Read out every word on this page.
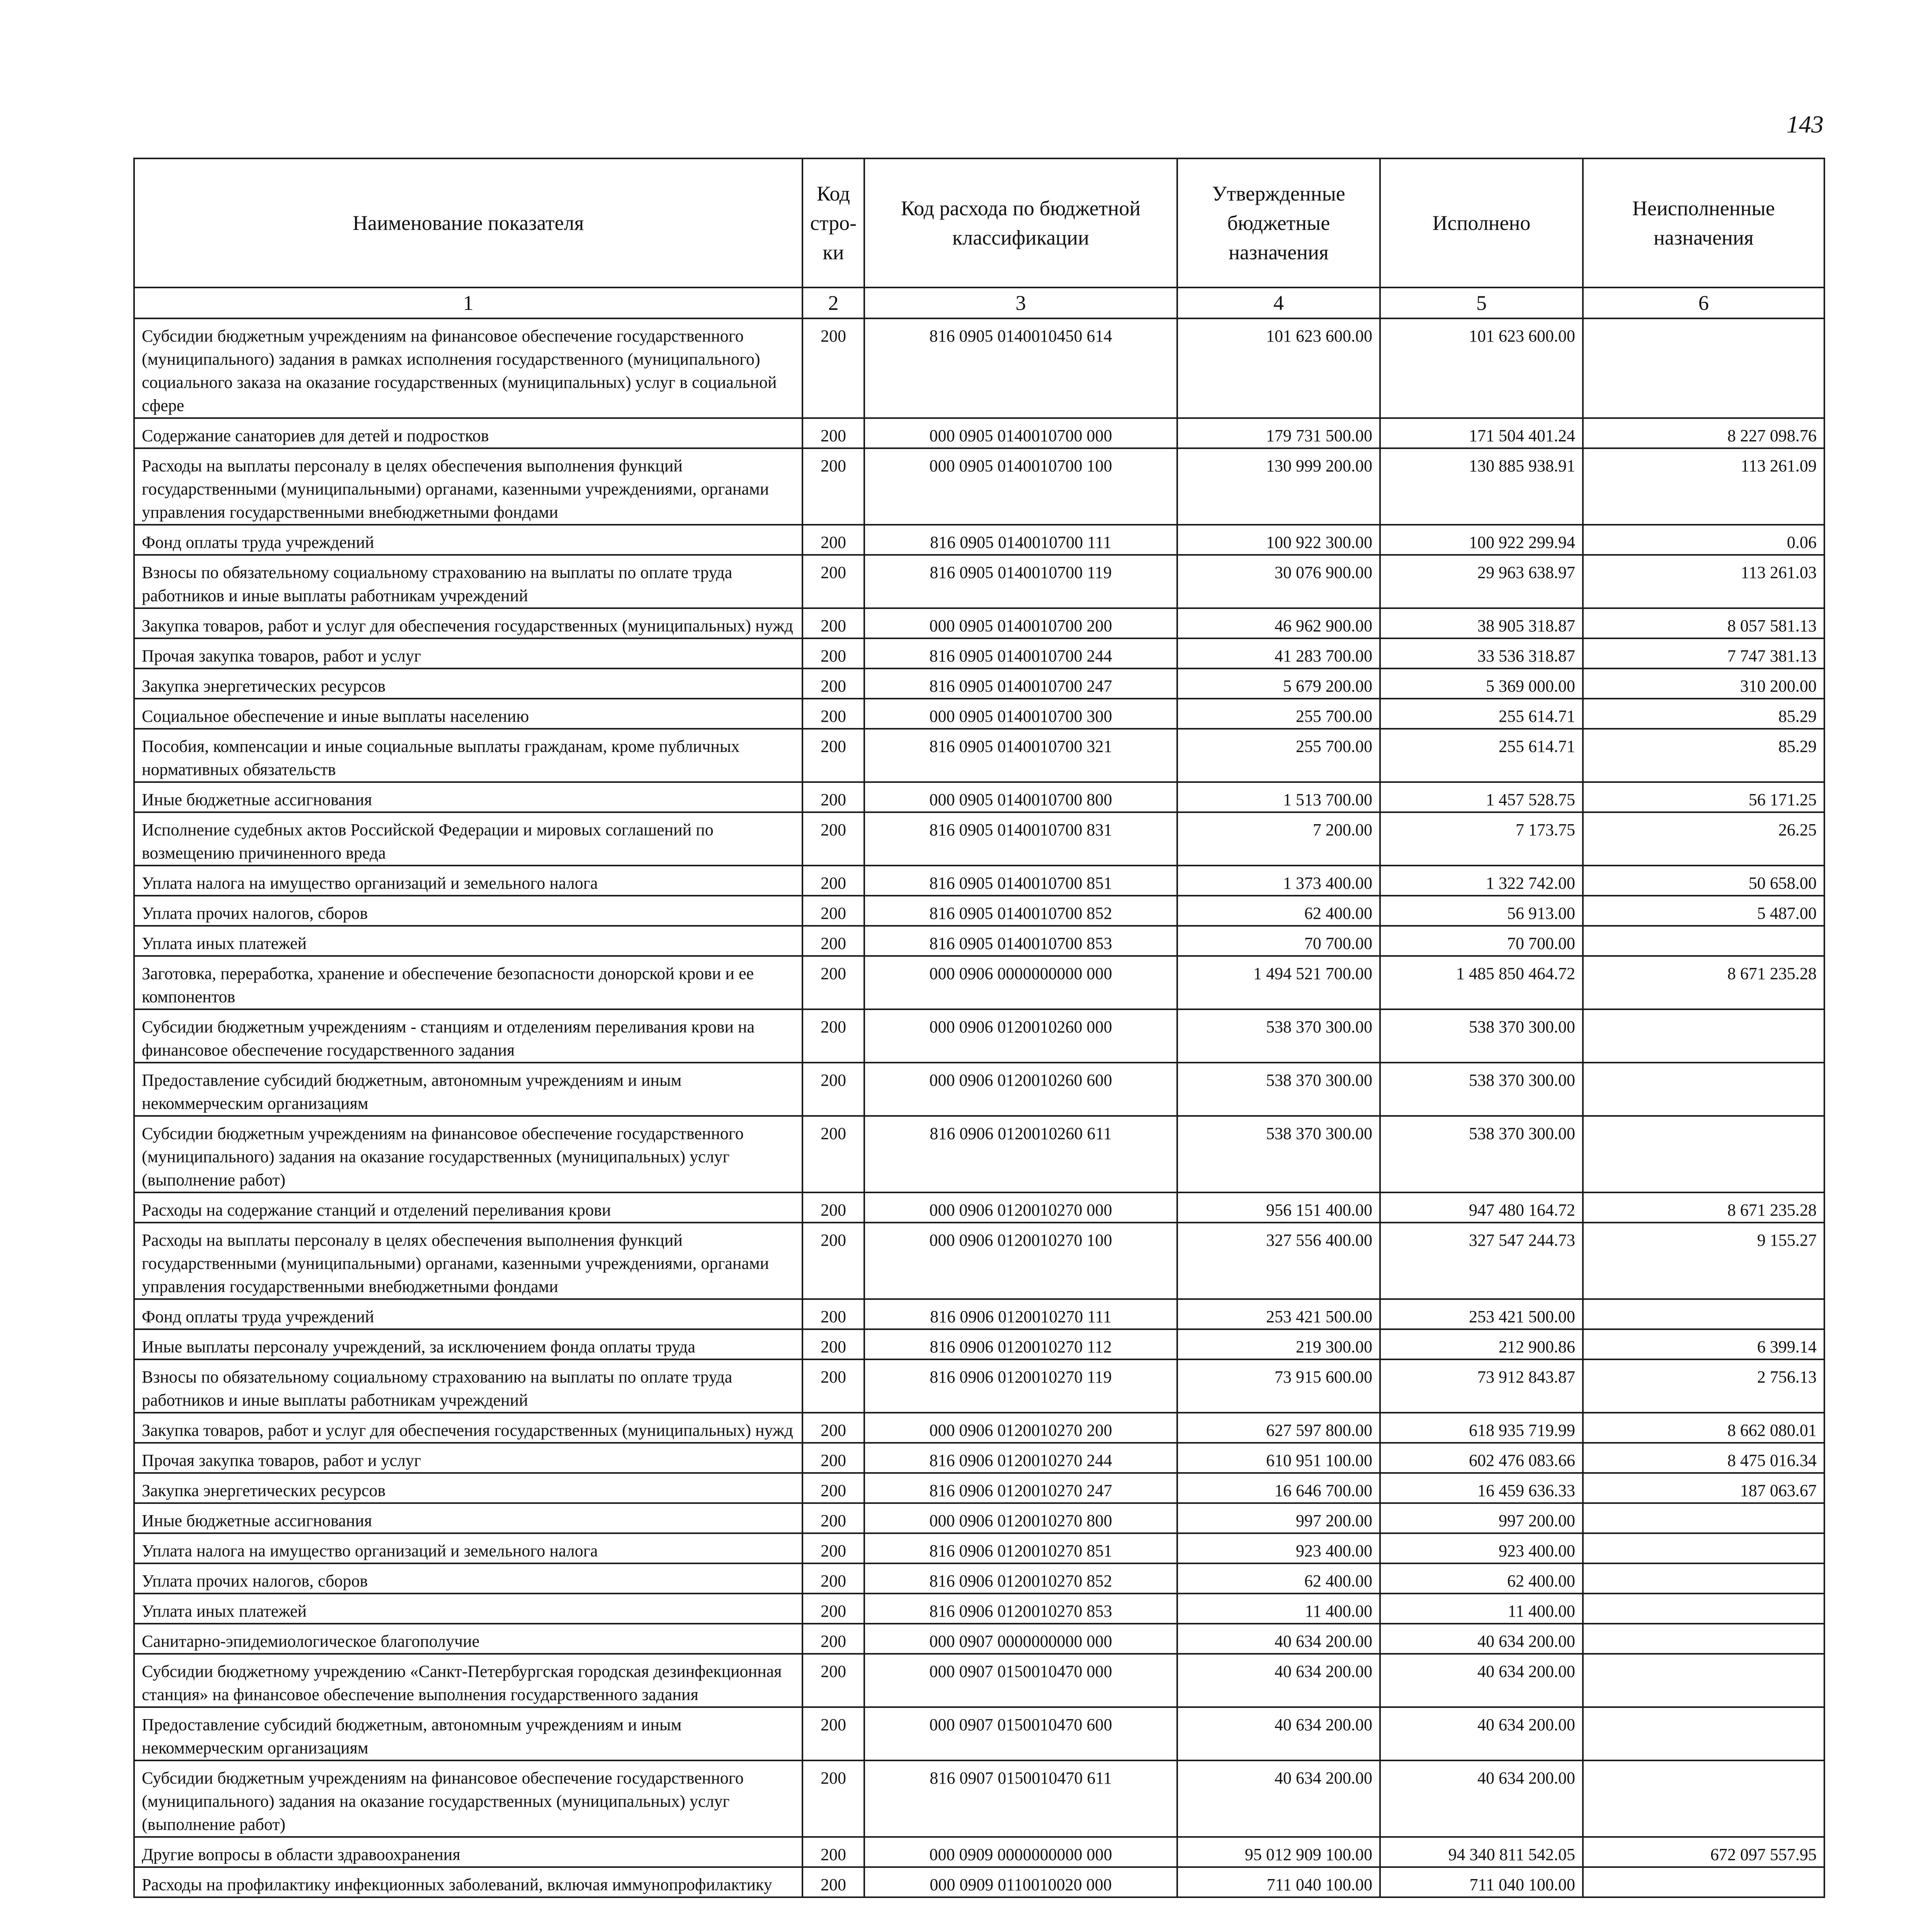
143
Наименование показателя	Код стро-ки	Код расхода по бюджетной классификации	Утвержденные бюджетные назначения	Исполнено	Неисполненные назначения
1	2	3	4	5	6
Субсидии бюджетным учреждениям на финансовое обеспечение государственного (муниципального) задания в рамках исполнения государственного (муниципального) социального заказа на оказание государственных (муниципальных) услуг в социальной сфере	200	816 0905 0140010450 614	101 623 600.00	101 623 600.00	
Содержание санаториев для детей и подростков	200	000 0905 0140010700 000	179 731 500.00	171 504 401.24	8 227 098.76
Расходы на выплаты персоналу в целях обеспечения выполнения функций государственными (муниципальными) органами, казенными учреждениями, органами управления государственными внебюджетными фондами	200	000 0905 0140010700 100	130 999 200.00	130 885 938.91	113 261.09
Фонд оплаты труда учреждений	200	816 0905 0140010700 111	100 922 300.00	100 922 299.94	0.06
Взносы по обязательному социальному страхованию на выплаты по оплате труда работников и иные выплаты работникам учреждений	200	816 0905 0140010700 119	30 076 900.00	29 963 638.97	113 261.03
Закупка товаров, работ и услуг для обеспечения государственных (муниципальных) нужд	200	000 0905 0140010700 200	46 962 900.00	38 905 318.87	8 057 581.13
Прочая закупка товаров, работ и услуг	200	816 0905 0140010700 244	41 283 700.00	33 536 318.87	7 747 381.13
Закупка энергетических ресурсов	200	816 0905 0140010700 247	5 679 200.00	5 369 000.00	310 200.00
Социальное обеспечение и иные выплаты населению	200	000 0905 0140010700 300	255 700.00	255 614.71	85.29
Пособия, компенсации и иные социальные выплаты гражданам, кроме публичных нормативных обязательств	200	816 0905 0140010700 321	255 700.00	255 614.71	85.29
Иные бюджетные ассигнования	200	000 0905 0140010700 800	1 513 700.00	1 457 528.75	56 171.25
Исполнение судебных актов Российской Федерации и мировых соглашений по возмещению причиненного вреда	200	816 0905 0140010700 831	7 200.00	7 173.75	26.25
Уплата налога на имущество организаций и земельного налога	200	816 0905 0140010700 851	1 373 400.00	1 322 742.00	50 658.00
Уплата прочих налогов, сборов	200	816 0905 0140010700 852	62 400.00	56 913.00	5 487.00
Уплата иных платежей	200	816 0905 0140010700 853	70 700.00	70 700.00	
Заготовка, переработка, хранение и обеспечение безопасности донорской крови и ее компонентов	200	000 0906 0000000000 000	1 494 521 700.00	1 485 850 464.72	8 671 235.28
Субсидии бюджетным учреждениям - станциям и отделениям переливания крови на финансовое обеспечение государственного задания	200	000 0906 0120010260 000	538 370 300.00	538 370 300.00	
Предоставление субсидий бюджетным, автономным учреждениям и иным некоммерческим организациям	200	000 0906 0120010260 600	538 370 300.00	538 370 300.00	
Субсидии бюджетным учреждениям на финансовое обеспечение государственного (муниципального) задания на оказание государственных (муниципальных) услуг (выполнение работ)	200	816 0906 0120010260 611	538 370 300.00	538 370 300.00	
Расходы на содержание станций и отделений переливания крови	200	000 0906 0120010270 000	956 151 400.00	947 480 164.72	8 671 235.28
Расходы на выплаты персоналу в целях обеспечения выполнения функций государственными (муниципальными) органами, казенными учреждениями, органами управления государственными внебюджетными фондами	200	000 0906 0120010270 100	327 556 400.00	327 547 244.73	9 155.27
Фонд оплаты труда учреждений	200	816 0906 0120010270 111	253 421 500.00	253 421 500.00	
Иные выплаты персоналу учреждений, за исключением фонда оплаты труда	200	816 0906 0120010270 112	219 300.00	212 900.86	6 399.14
Взносы по обязательному социальному страхованию на выплаты по оплате труда работников и иные выплаты работникам учреждений	200	816 0906 0120010270 119	73 915 600.00	73 912 843.87	2 756.13
Закупка товаров, работ и услуг для обеспечения государственных (муниципальных) нужд	200	000 0906 0120010270 200	627 597 800.00	618 935 719.99	8 662 080.01
Прочая закупка товаров, работ и услуг	200	816 0906 0120010270 244	610 951 100.00	602 476 083.66	8 475 016.34
Закупка энергетических ресурсов	200	816 0906 0120010270 247	16 646 700.00	16 459 636.33	187 063.67
Иные бюджетные ассигнования	200	000 0906 0120010270 800	997 200.00	997 200.00	
Уплата налога на имущество организаций и земельного налога	200	816 0906 0120010270 851	923 400.00	923 400.00	
Уплата прочих налогов, сборов	200	816 0906 0120010270 852	62 400.00	62 400.00	
Уплата иных платежей	200	816 0906 0120010270 853	11 400.00	11 400.00	
Санитарно-эпидемиологическое благополучие	200	000 0907 0000000000 000	40 634 200.00	40 634 200.00	
Субсидии бюджетному учреждению «Санкт-Петербургская городская дезинфекционная станция» на финансовое обеспечение выполнения государственного задания	200	000 0907 0150010470 000	40 634 200.00	40 634 200.00	
Предоставление субсидий бюджетным, автономным учреждениям и иным некоммерческим организациям	200	000 0907 0150010470 600	40 634 200.00	40 634 200.00	
Субсидии бюджетным учреждениям на финансовое обеспечение государственного (муниципального) задания на оказание государственных (муниципальных) услуг (выполнение работ)	200	816 0907 0150010470 611	40 634 200.00	40 634 200.00	
Другие вопросы в области здравоохранения	200	000 0909 0000000000 000	95 012 909 100.00	94 340 811 542.05	672 097 557.95
Расходы на профилактику инфекционных заболеваний, включая иммунопрофилактику	200	000 0909 0110010020 000	711 040 100.00	711 040 100.00	
